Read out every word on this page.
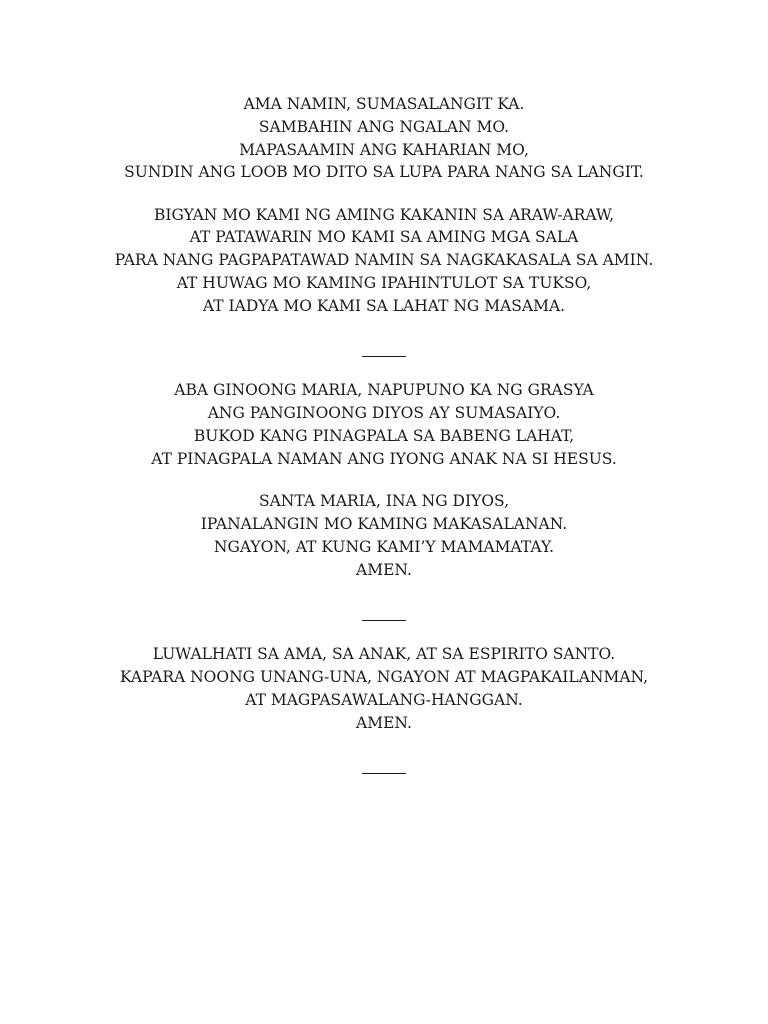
AMA NAMIN, SUMASALANGIT KA.
SAMBAHIN ANG NGALAN MO.
MAPASAAMIN ANG KAHARIAN MO,
SUNDIN ANG LOOB MO DITO SA LUPA PARA NANG SA LANGIT.
BIGYAN MO KAMI NG AMING KAKANIN SA ARAW-ARAW,
AT PATAWARIN MO KAMI SA AMING MGA SALA
PARA NANG PAGPAPATAWAD NAMIN SA NAGKAKASALA SA AMIN.
AT HUWAG MO KAMING IPAHINTULOT SA TUKSO,
AT IADYA MO KAMI SA LAHAT NG MASAMA.
ABA GINOONG MARIA, NAPUPUNO KA NG GRASYA
ANG PANGINOONG DIYOS AY SUMASAIYO.
BUKOD KANG PINAGPALA SA BABENG LAHAT,
AT PINAGPALA NAMAN ANG IYONG ANAK NA SI HESUS.
SANTA MARIA, INA NG DIYOS,
IPANALANGIN MO KAMING MAKASALANAN.
NGAYON, AT KUNG KAMI’Y MAMAMATAY.
AMEN.
LUWALHATI SA AMA, SA ANAK, AT SA ESPIRITO SANTO.
KAPARA NOONG UNANG-UNA, NGAYON AT MAGPAKAILANMAN,
AT MAGPASAWALANG-HANGGAN.
AMEN.
